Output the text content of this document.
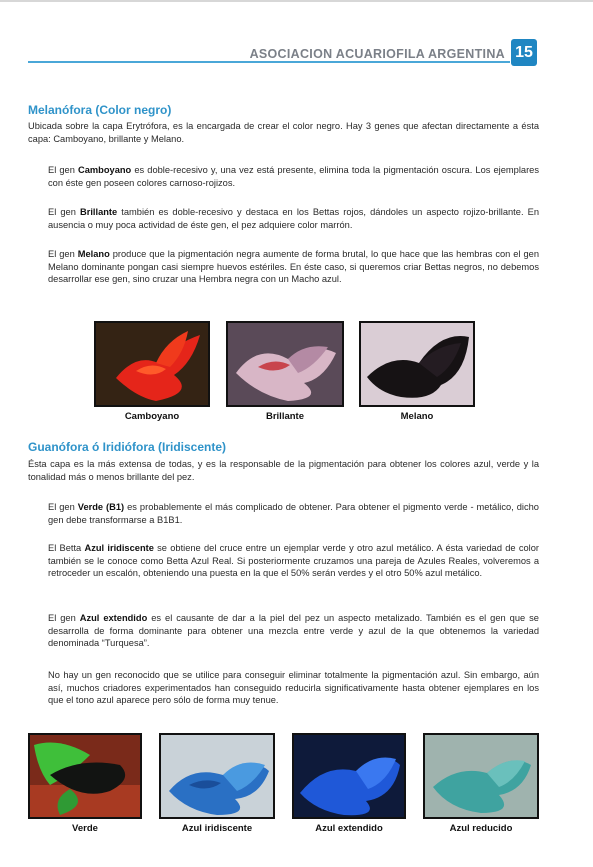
ASOCIACION ACUARIOFILA ARGENTINA 15
Melanófora (Color negro)
Ubicada sobre la capa Erytrófora, es la encargada de crear el color negro. Hay 3 genes que afectan directamente a ésta capa: Camboyano, brillante y Melano.
El gen Camboyano es doble-recesivo y, una vez está presente, elimina toda la pigmentación oscura. Los ejemplares con éste gen poseen colores carnoso-rojizos.
El gen Brillante también es doble-recesivo y destaca en los Bettas rojos, dándoles un aspecto rojizo-brillante. En ausencia o muy poca actividad de éste gen, el pez adquiere color marrón.
El gen Melano produce que la pigmentación negra aumente de forma brutal, lo que hace que las hembras con el gen Melano dominante pongan casi siempre huevos estériles. En éste caso, si queremos criar Bettas negros, no debemos desarrollar ese gen, sino cruzar una Hembra negra con un Macho azul.
Camboyano	Brillante	Melano
Guanófora ó Iridiófora (Iridiscente)
Ésta capa es la más extensa de todas, y es la responsable de la pigmentación para obtener los colores azul, verde y la tonalidad más o menos brillante del pez.
El gen Verde (B1) es probablemente el más complicado de obtener. Para obtener el pigmento verde - metálico, dicho gen debe transformarse a B1B1.
El Betta Azul iridiscente se obtiene del cruce entre un ejemplar verde y otro azul metálico. A ésta variedad de color también se le conoce como Betta Azul Real. Si posteriormente cruzamos una pareja de Azules Reales, volveremos a retroceder un escalón, obteniendo una puesta en la que el 50% serán verdes y el otro 50% azul metálico.
El gen Azul extendido es el causante de dar a la piel del pez un aspecto metalizado. También es el gen que se desarrolla de forma dominante para obtener una mezcla entre verde y azul de la que obtenemos la variedad denominada “Turquesa”.
No hay un gen reconocido que se utilice para conseguir eliminar totalmente la pigmentación azul. Sin embargo, aún así, muchos criadores experimentados han conseguido reducirla significativamente hasta obtener ejemplares en los que el tono azul aparece pero sólo de forma muy tenue.
Verde	Azul iridiscente	Azul extendido	Azul reducido
